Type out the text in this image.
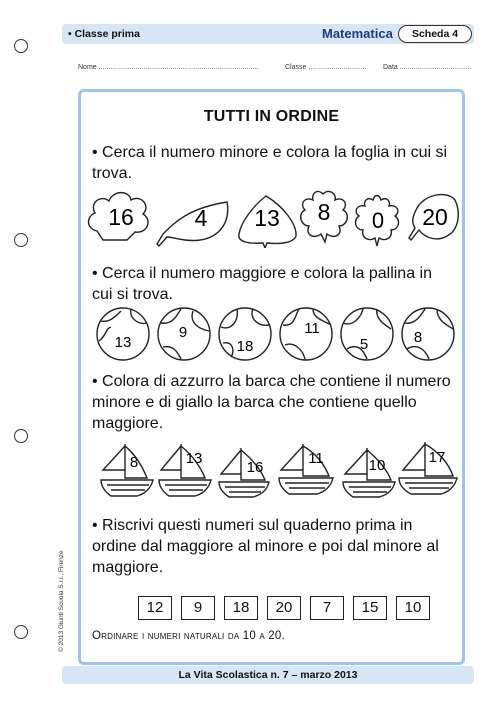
• Classe prima	Matematica	Scheda 4
Nome ..................................................................................	Classe .............................. Data .....................................
TUTTI IN ORDINE
• Cerca il numero minore e colora la foglia in cui si trova.
16	4 13 8 0 20
• Cerca il numero maggiore e colora la pallina in cui si trova.
13
9
18
11
5	8
• Colora di azzurro la barca che contiene il numero minore e di giallo la barca che contiene quello maggiore.
8	13
16
11	10	17
• Riscrivi questi numeri sul quaderno prima in ordine dal maggiore al minore e poi dal minore al maggiore.
12	9	18	20	7	15	10
Ordinare i numeri naturali da 10 a 20.
© 2013 Giunti Scuola S.r.l., Firenze
La Vita Scolastica n. 7 – marzo 2013
